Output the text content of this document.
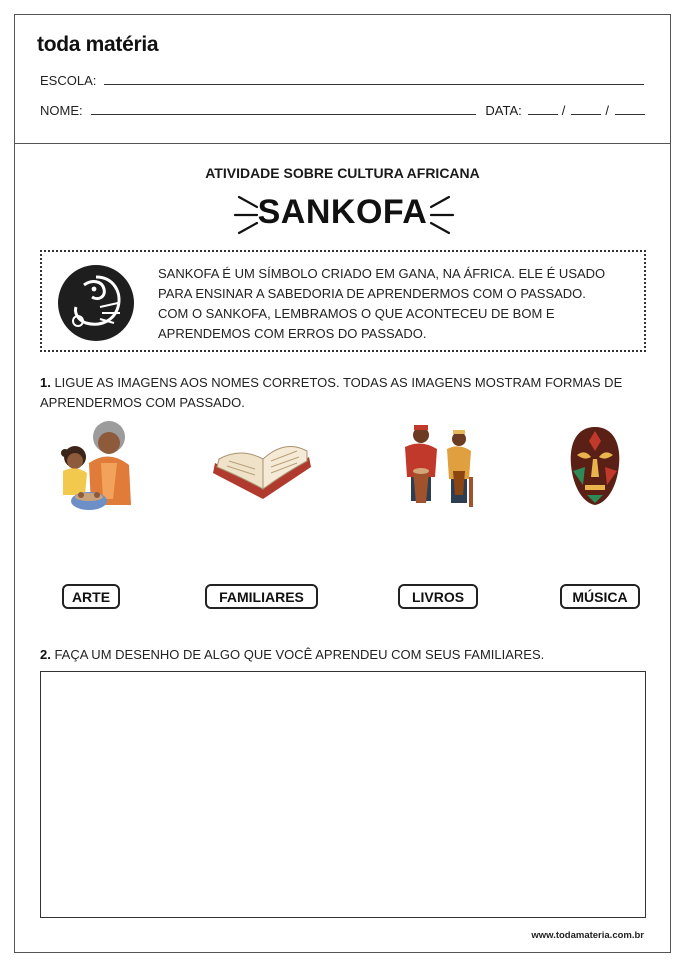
toda matéria
ESCOLA:
NOME:	DATA:	/	/
ATIVIDADE SOBRE CULTURA AFRICANA
SANKOFA
SANKOFA É UM SÍMBOLO CRIADO EM GANA, NA ÁFRICA. ELE É USADO
PARA ENSINAR A SABEDORIA DE APRENDERMOS COM O PASSADO.
COM O SANKOFA, LEMBRAMOS O QUE ACONTECEU DE BOM E
APRENDEMOS COM ERROS DO PASSADO.
1. LIGUE AS IMAGENS AOS NOMES CORRETOS. TODAS AS IMAGENS MOSTRAM FORMAS DE
APRENDERMOS COM PASSADO.
ARTE	FAMILIARES	LIVROS	MÚSICA
2. FAÇA UM DESENHO DE ALGO QUE VOCÊ APRENDEU COM SEUS FAMILIARES.
www.todamateria.com.br
